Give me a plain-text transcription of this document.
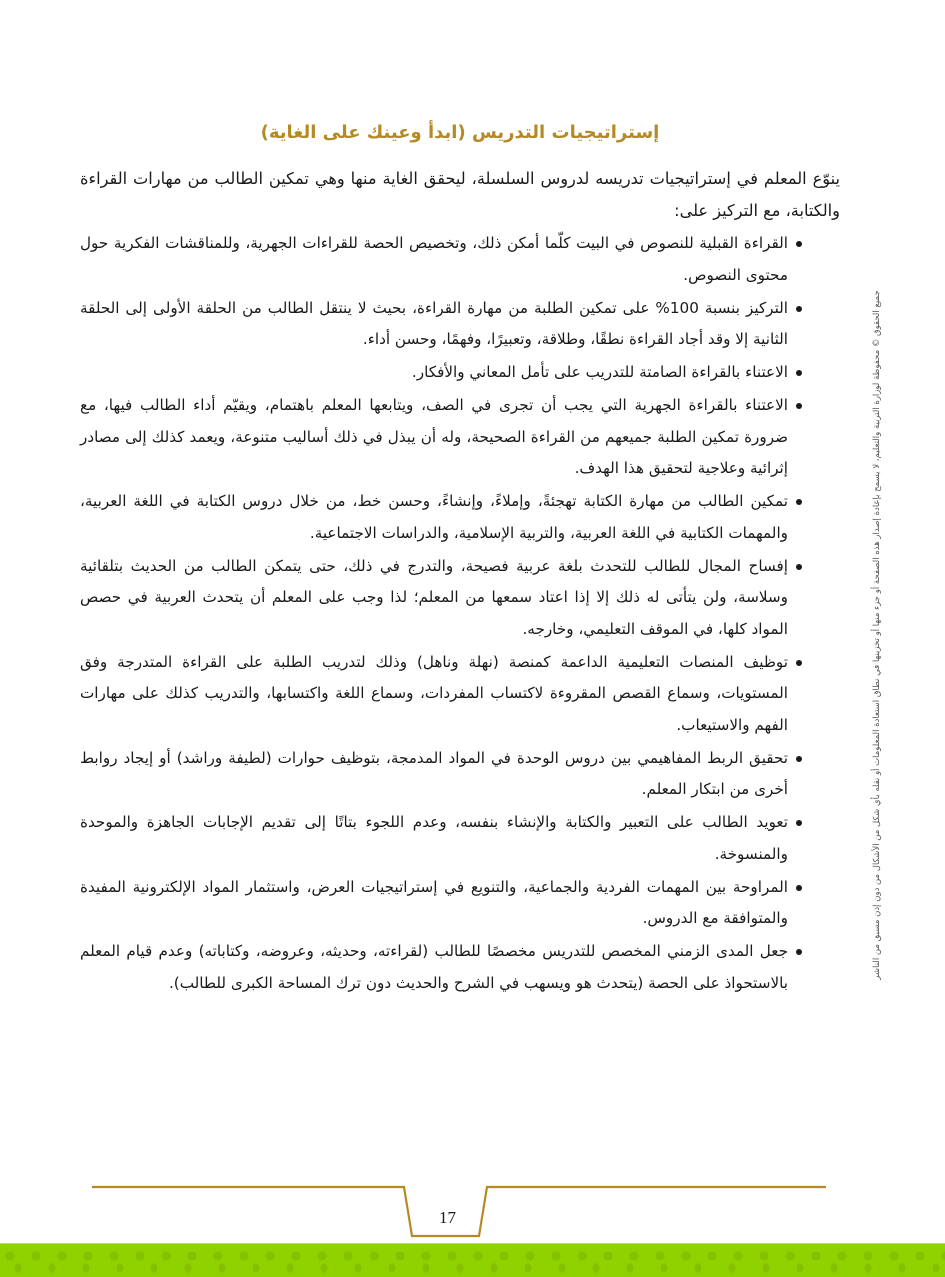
إستراتيجيات التدريس (ابدأ وعينك على الغاية)

ينوّع المعلم في إستراتيجيات تدريسه لدروس السلسلة، ليحقق الغاية منها وهي تمكين الطالب من مهارات القراءة والكتابة، مع التركيز على:

القراءة القبلية للنصوص في البيت كلّما أمكن ذلك، وتخصيص الحصة للقراءات الجهرية، وللمناقشات الفكرية حول محتوى النصوص.
التركيز بنسبة 100% على تمكين الطلبة من مهارة القراءة، بحيث لا ينتقل الطالب من الحلقة الأولى إلى الحلقة الثانية إلا وقد أجاد القراءة نطقًا، وطلاقة، وتعبيرًا، وفهمًا، وحسن أداء.
الاعتناء بالقراءة الصامتة للتدريب على تأمل المعاني والأفكار.
الاعتناء بالقراءة الجهرية التي يجب أن تجرى في الصف، ويتابعها المعلم باهتمام، ويقيّم أداء الطالب فيها، مع ضرورة تمكين الطلبة جميعهم من القراءة الصحيحة، وله أن يبذل في ذلك أساليب متنوعة، ويعمد كذلك إلى مصادر إثرائية وعلاجية لتحقيق هذا الهدف.
تمكين الطالب من مهارة الكتابة تهجئةً، وإملاءً، وإنشاءً، وحسن خط، من خلال دروس الكتابة في اللغة العربية، والمهمات الكتابية في اللغة العربية، والتربية الإسلامية، والدراسات الاجتماعية.
إفساح المجال للطالب للتحدث بلغة عربية فصيحة، والتدرج في ذلك، حتى يتمكن الطالب من الحديث بتلقائية وسلاسة، ولن يتأتى له ذلك إلا إذا اعتاد سمعها من المعلم؛ لذا وجب على المعلم أن يتحدث العربية في حصص المواد كلها، في الموقف التعليمي، وخارجه.
توظيف المنصات التعليمية الداعمة كمنصة (نهلة وناهل) وذلك لتدريب الطلبة على القراءة المتدرجة وفق المستويات، وسماع القصص المقروءة لاكتساب المفردات، وسماع اللغة واكتسابها، والتدريب كذلك على مهارات الفهم والاستيعاب.
تحقيق الربط المفاهيمي بين دروس الوحدة في المواد المدمجة، بتوظيف حوارات (لطيفة وراشد) أو إيجاد روابط أخرى من ابتكار المعلم.
تعويد الطالب على التعبير والكتابة والإنشاء بنفسه، وعدم اللجوء بتاتًا إلى تقديم الإجابات الجاهزة والموحدة والمنسوخة.
المراوحة بين المهمات الفردية والجماعية، والتنويع في إستراتيجيات العرض، واستثمار المواد الإلكترونية المفيدة والمتوافقة مع الدروس.
جعل المدى الزمني المخصص للتدريس مخصصًا للطالب (لقراءته، وحديثه، وعروضه، وكتاباته) وعدم قيام المعلم بالاستحواذ على الحصة (يتحدث هو ويسهب في الشرح والحديث دون ترك المساحة الكبرى للطالب).
جميع الحقوق © محفوظة لوزارة التربية والتعليم، لا يسمح بإعادة إصدار هذه الصفحة أو جزء منها أو تخزينها في نطاق استعادة المعلومات أو نقله بأي شكل من الأشكال من دون إذن مسبق من الناشر
17
